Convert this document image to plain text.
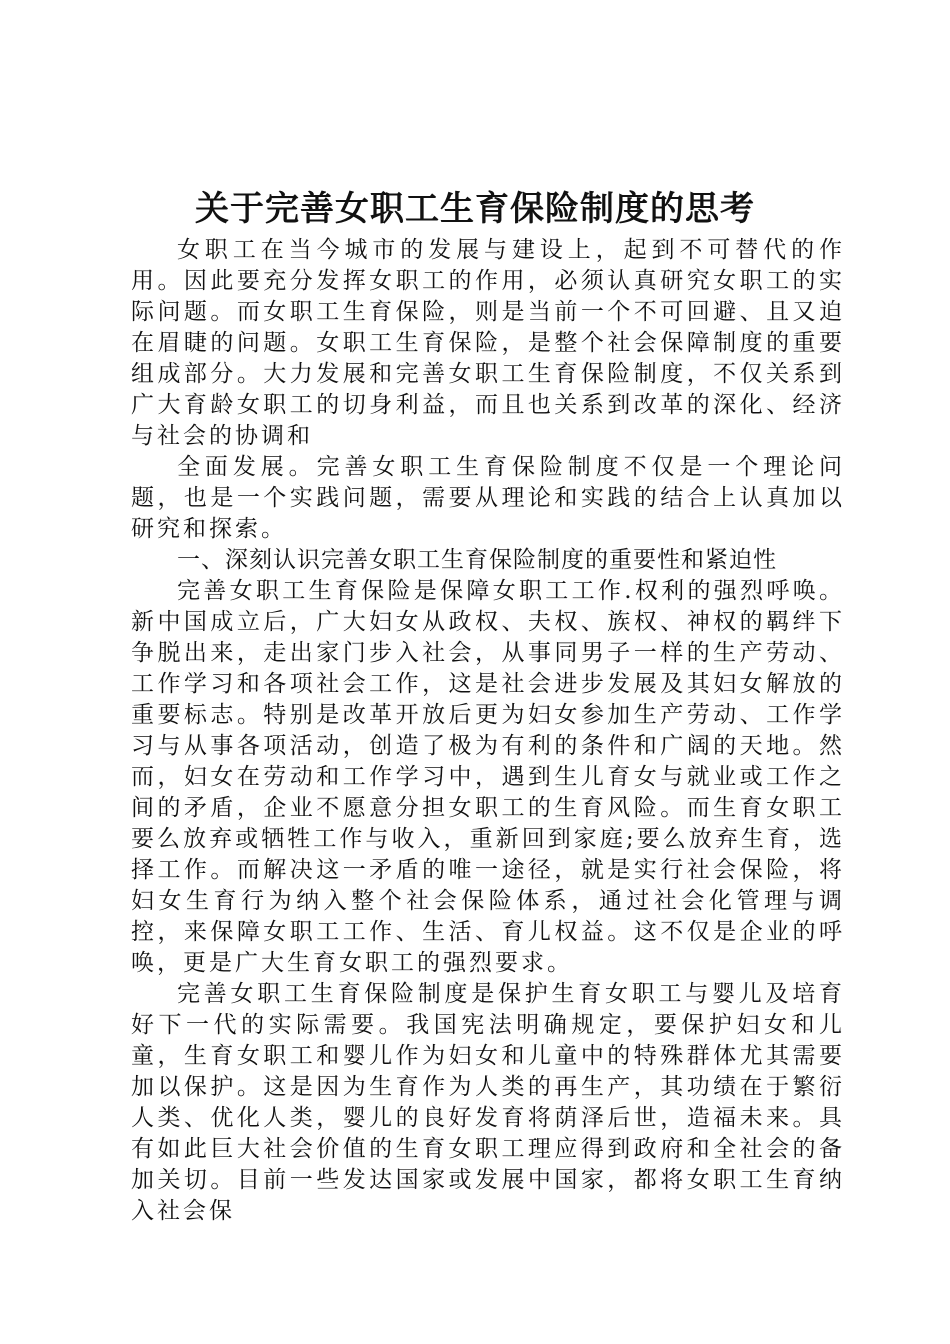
关于完善女职工生育保险制度的思考

女职工在当今城市的发展与建设上，起到不可替代的作用。因此要充分发挥女职工的作用，必须认真研究女职工的实际问题。而女职工生育保险，则是当前一个不可回避、且又迫在眉睫的问题。女职工生育保险，是整个社会保障制度的重要组成部分。大力发展和完善女职工生育保险制度，不仅关系到广大育龄女职工的切身利益，而且也关系到改革的深化、经济与社会的协调和

全面发展。完善女职工生育保险制度不仅是一个理论问题，也是一个实践问题，需要从理论和实践的结合上认真加以研究和探索。

一、深刻认识完善女职工生育保险制度的重要性和紧迫性

完善女职工生育保险是保障女职工工作.权利的强烈呼唤。新中国成立后，广大妇女从政权、夫权、族权、神权的羁绊下争脱出来，走出家门步入社会，从事同男子一样的生产劳动、工作学习和各项社会工作，这是社会进步发展及其妇女解放的重要标志。特别是改革开放后更为妇女参加生产劳动、工作学习与从事各项活动，创造了极为有利的条件和广阔的天地。然而，妇女在劳动和工作学习中，遇到生儿育女与就业或工作之间的矛盾，企业不愿意分担女职工的生育风险。而生育女职工要么放弃或牺牲工作与收入，重新回到家庭;要么放弃生育，选择工作。而解决这一矛盾的唯一途径，就是实行社会保险，将妇女生育行为纳入整个社会保险体系，通过社会化管理与调控，来保障女职工工作、生活、育儿权益。这不仅是企业的呼唤，更是广大生育女职工的强烈要求。

完善女职工生育保险制度是保护生育女职工与婴儿及培育好下一代的实际需要。我国宪法明确规定，要保护妇女和儿童，生育女职工和婴儿作为妇女和儿童中的特殊群体尤其需要加以保护。这是因为生育作为人类的再生产，其功绩在于繁衍人类、优化人类，婴儿的良好发育将荫泽后世，造福未来。具有如此巨大社会价值的生育女职工理应得到政府和全社会的备加关切。目前一些发达国家或发展中国家，都将女职工生育纳入社会保
